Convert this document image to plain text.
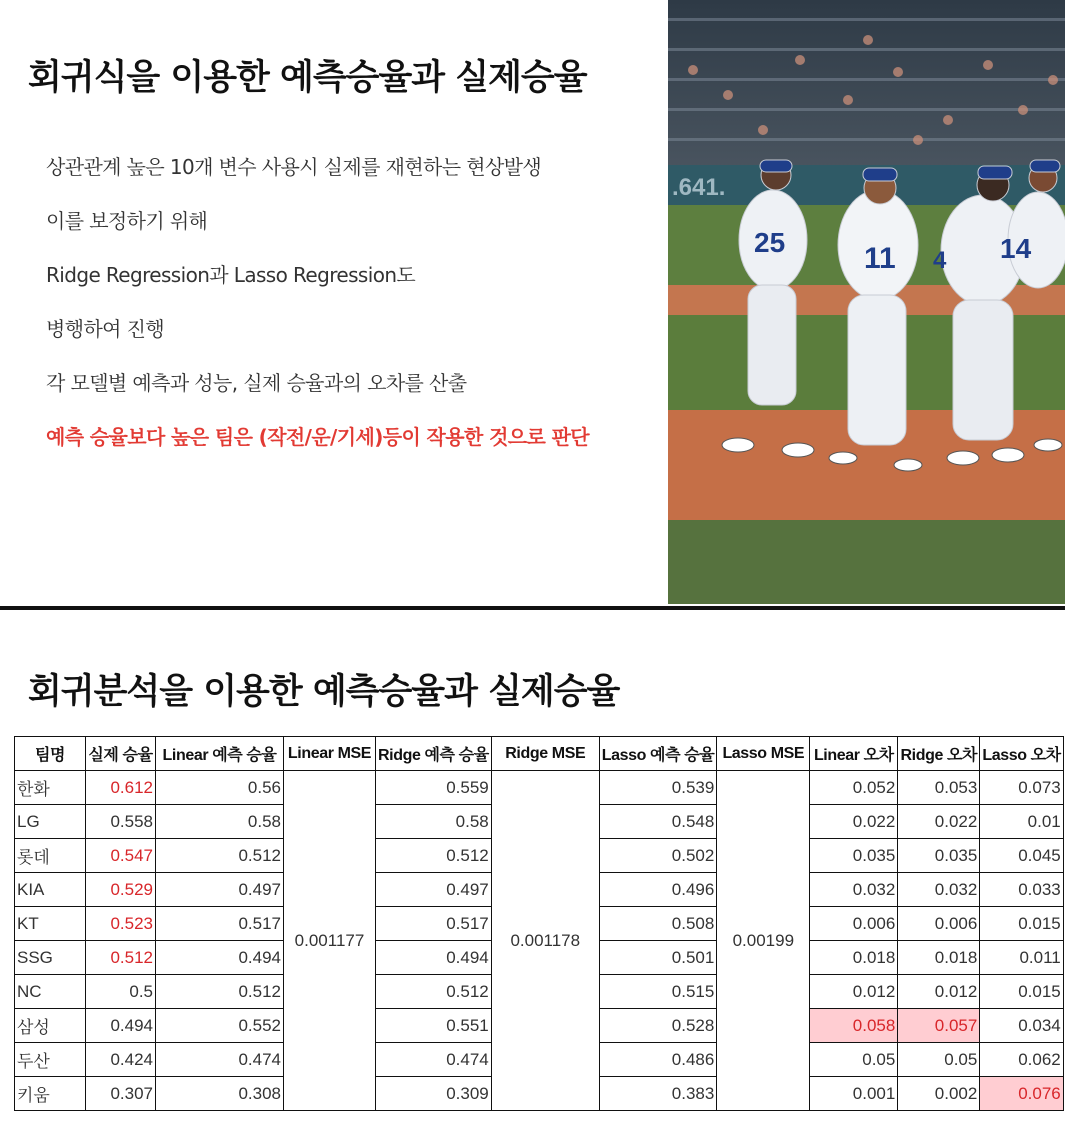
회귀식을 이용한 예측승율과 실제승율
상관관계 높은 10개 변수 사용시 실제를 재현하는 현상발생
이를 보정하기 위해
Ridge Regression과 Lasso Regression도
병행하여 진행
각 모델별 예측과 성능, 실제 승율과의 오차를 산출
예측 승율보다 높은 팀은 (작전/운/기세)등이 작용한 것으로 판단
.641.
25	11 4 14
회귀분석을 이용한 예측승율과 실제승율
팀명	실제 승율	Linear 예측 승율	Linear MSE	Ridge 예측 승율	Ridge MSE	Lasso 예측 승율	Lasso MSE	Linear 오차	Ridge 오차	Lasso 오차
한화	0.612	0.56	0.001177	0.559	0.001178	0.539	0.00199	0.052	0.053	0.073
LG	0.558	0.58		0.58		0.548		0.022	0.022	0.01
롯데	0.547	0.512		0.512		0.502		0.035	0.035	0.045
KIA	0.529	0.497		0.497		0.496		0.032	0.032	0.033
KT	0.523	0.517		0.517		0.508		0.006	0.006	0.015
SSG	0.512	0.494		0.494		0.501		0.018	0.018	0.011
NC	0.5	0.512		0.512		0.515		0.012	0.012	0.015
삼성	0.494	0.552		0.551		0.528		0.058	0.057	0.034
두산	0.424	0.474		0.474		0.486		0.05	0.05	0.062
키움	0.307	0.308		0.309		0.383		0.001	0.002	0.076
